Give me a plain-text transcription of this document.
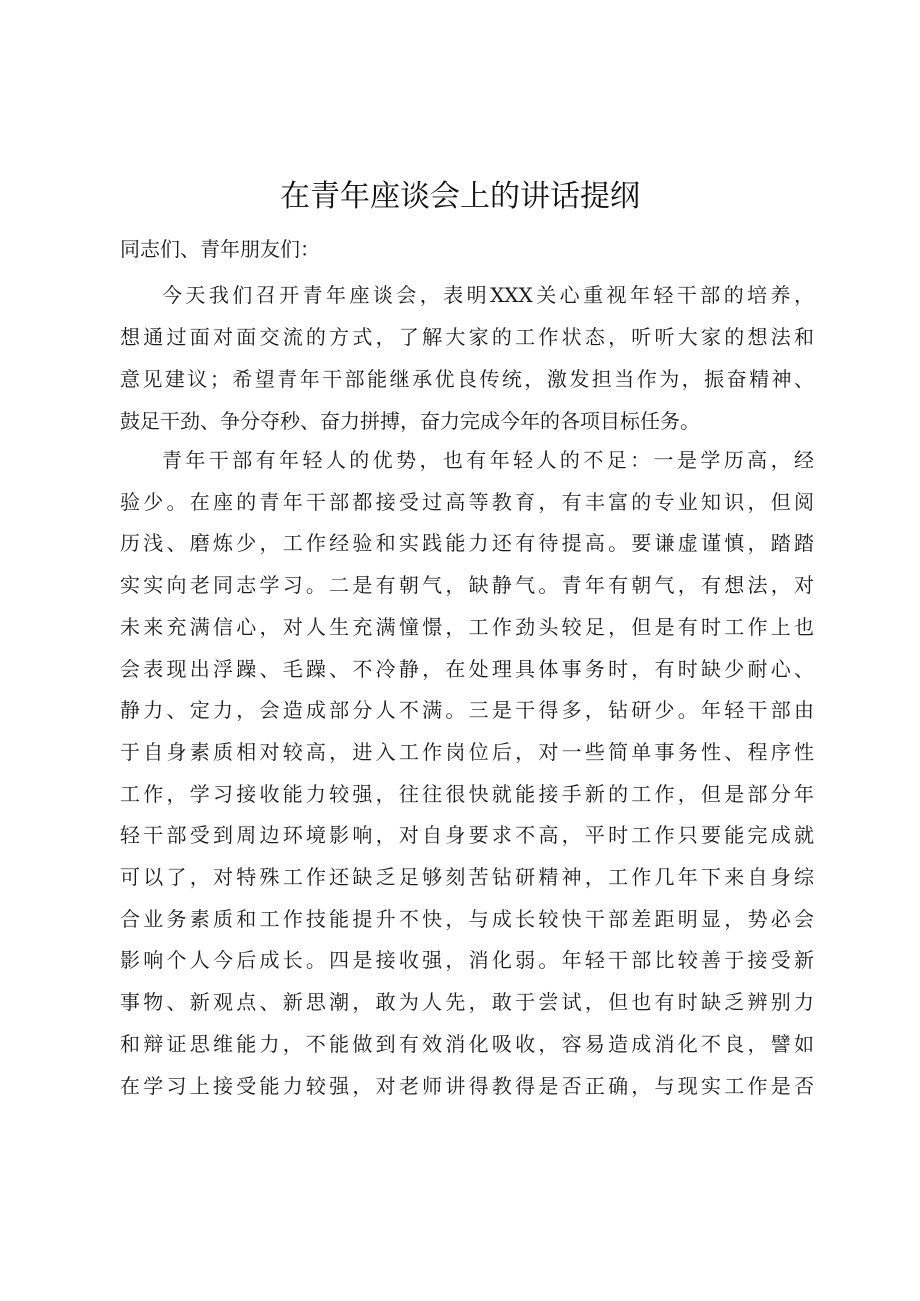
在青年座谈会上的讲话提纲

同志们、青年朋友们：

今天我们召开青年座谈会，表明XXX关心重视年轻干部的培养，
想通过面对面交流的方式，了解大家的工作状态，听听大家的想法和
意见建议；希望青年干部能继承优良传统，激发担当作为，振奋精神、
鼓足干劲、争分夺秒、奋力拼搏，奋力完成今年的各项目标任务。
青年干部有年轻人的优势，也有年轻人的不足：一是学历高，经
验少。在座的青年干部都接受过高等教育，有丰富的专业知识，但阅
历浅、磨炼少，工作经验和实践能力还有待提高。要谦虚谨慎，踏踏
实实向老同志学习。二是有朝气，缺静气。青年有朝气，有想法，对
未来充满信心，对人生充满憧憬，工作劲头较足，但是有时工作上也
会表现出浮躁、毛躁、不冷静，在处理具体事务时，有时缺少耐心、
静力、定力，会造成部分人不满。三是干得多，钻研少。年轻干部由
于自身素质相对较高，进入工作岗位后，对一些简单事务性、程序性
工作，学习接收能力较强，往往很快就能接手新的工作，但是部分年
轻干部受到周边环境影响，对自身要求不高，平时工作只要能完成就
可以了，对特殊工作还缺乏足够刻苦钻研精神，工作几年下来自身综
合业务素质和工作技能提升不快，与成长较快干部差距明显，势必会
影响个人今后成长。四是接收强，消化弱。年轻干部比较善于接受新
事物、新观点、新思潮，敢为人先，敢于尝试，但也有时缺乏辨别力
和辩证思维能力，不能做到有效消化吸收，容易造成消化不良，譬如
在学习上接受能力较强，对老师讲得教得是否正确，与现实工作是否
